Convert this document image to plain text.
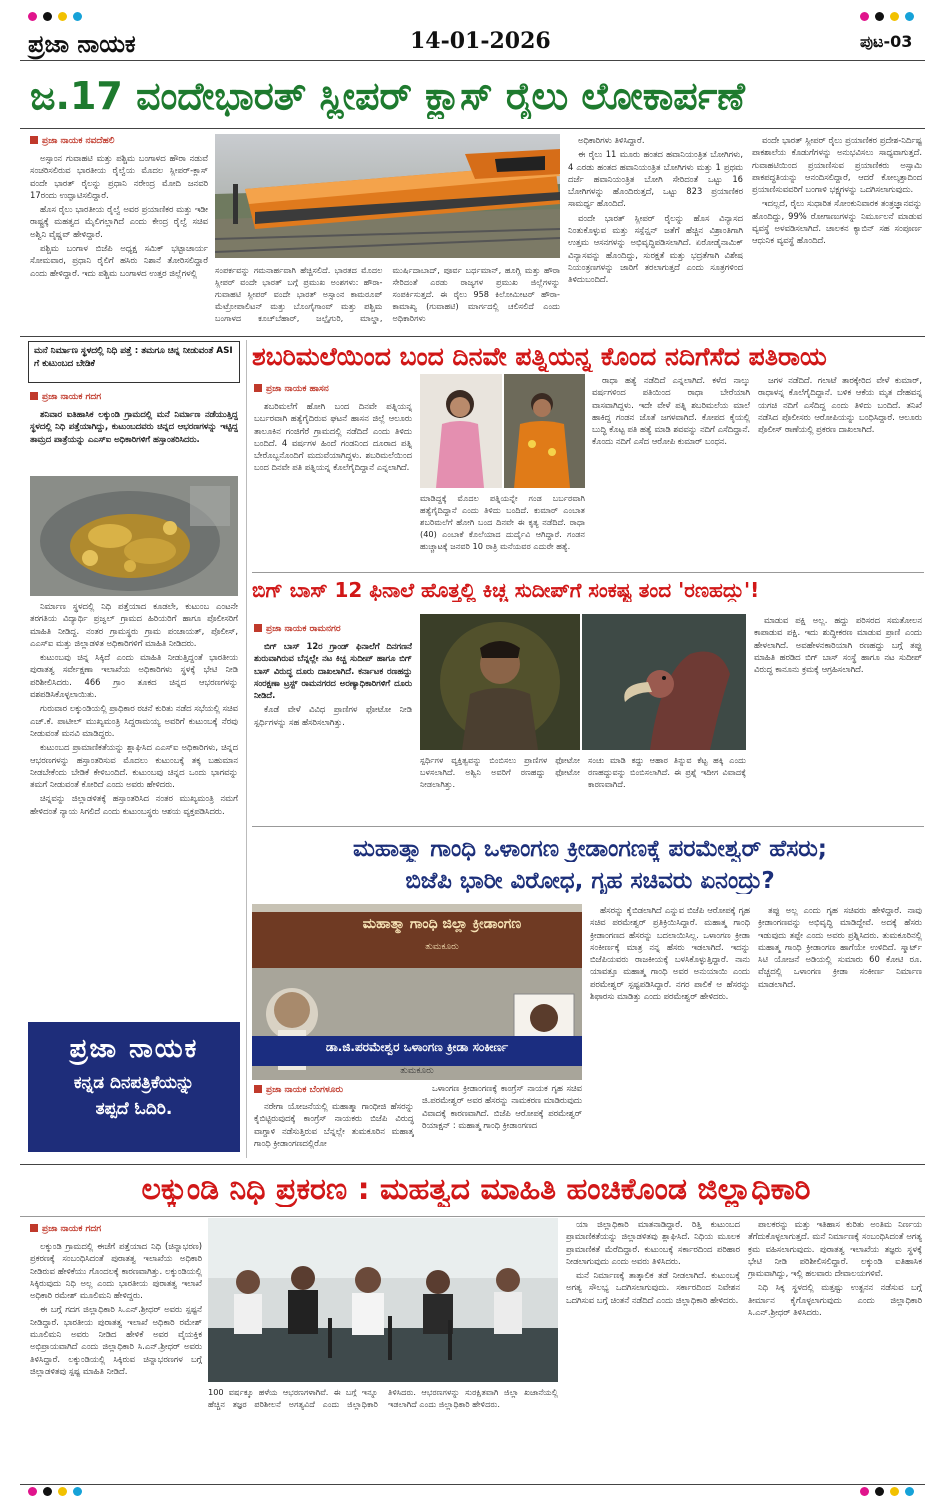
ಪ್ರಜಾ ನಾಯಕ	14-01-2026	ಪುಟ-03
ಜ.17 ವಂದೇಭಾರತ್ ಸ್ಲೀಪರ್ ಕ್ಲಾಸ್ ರೈಲು ಲೋಕಾರ್ಪಣೆ
ಪ್ರಜಾ ನಾಯಕ ನವದೆಹಲಿ

ಅಸ್ಸಾಂನ ಗುವಾಹಟಿ ಮತ್ತು ಪಶ್ಚಿಮ ಬಂಗಾಳದ ಹೌರಾ ನಡುವೆ ಸಂಚರಿಸಲಿರುವ ಭಾರತೀಯ ರೈಲ್ವೆಯ ಮೊದಲ ಸ್ಲೀಪರ್-ಕ್ಲಾಸ್ ವಂದೇ ಭಾರತ್ ರೈಲನ್ನು ಪ್ರಧಾನಿ ನರೇಂದ್ರ ಮೋದಿ ಜನವರಿ 17ರಂದು ಉದ್ಘಾಟಿಸಲಿದ್ದಾರೆ.

ಹೊಸ ರೈಲು ಭಾರತೀಯ ರೈಲ್ವೆ ಅವರ ಪ್ರಯಾಣಿಕರ ಮತ್ತು ಇಡೀ ರಾಷ್ಟ್ರಕ್ಕೆ ಮಹತ್ವದ ಮೈಲಿಗಲ್ಲಾಗಿದೆ ಎಂದು ಕೇಂದ್ರ ರೈಲ್ವೆ ಸಚಿವ ಅಶ್ವಿನಿ ವೈಷ್ಣವ್ ಹೇಳಿದ್ದಾರೆ.

ಪಶ್ಚಿಮ ಬಂಗಾಳ ಬಿಜೆಪಿ ಅಧ್ಯಕ್ಷ ಸಮಿಕ್ ಭಟ್ಟಾಚಾರ್ಯ ಸೋಮವಾರ, ಪ್ರಧಾನಿ ರೈಲಿಗೆ ಹಸಿರು ನಿಶಾನೆ ತೋರಿಸಲಿದ್ದಾರೆ ಎಂದು ಹೇಳಿದ್ದಾರೆ. ಇದು ಪಶ್ಚಿಮ ಬಂಗಾಳದ ಉತ್ತರ ಜಿಲ್ಲೆಗಳಲ್ಲಿ	ಸಂಪರ್ಕವನ್ನು ಗಮನಾರ್ಹವಾಗಿ ಹೆಚ್ಚಿಸಲಿದೆ. ಭಾರತದ ಮೊದಲ ಸ್ಲೀಪರ್ ವಂದೇ ಭಾರತ್ ಬಗ್ಗೆ ಪ್ರಮುಖ ಅಂಶಗಳು: ಹೌರಾ-ಗುವಾಹಟಿ ಸ್ಲೀಪರ್ ವಂದೇ ಭಾರತ್ ಅಸ್ಸಾಂನ ಕಾಮರೂಪ್ ಮೆಟ್ರೋಪಾಲಿಟನ್ ಮತ್ತು ಬೊಂಗೈಗಾಂವ್ ಮತ್ತು ಪಶ್ಚಿಮ ಬಂಗಾಳದ ಕೂಚ್‌ಬೆಹಾರ್, ಜಲ್ಪೈಗುರಿ, ಮಾಲ್ಡಾ, ಮುರ್ಷಿದಾಬಾದ್, ಪೂರ್ವ ಬರ್ಧಮಾನ್, ಹೂಗ್ಲಿ ಮತ್ತು ಹೌರಾ ಸೇರಿದಂತೆ ಎರಡು ರಾಜ್ಯಗಳ ಪ್ರಮುಖ ಜಿಲ್ಲೆಗಳನ್ನು ಸಂಪರ್ಕಿಸುತ್ತದೆ. ಈ ರೈಲು 958 ಕಿಲೋಮೀಟರ್ ಹೌರಾ-ಕಾಮಾಖ್ಯ (ಗುವಾಹಟಿ) ಮಾರ್ಗದಲ್ಲಿ ಚಲಿಸಲಿದೆ ಎಂದು ಅಧಿಕಾರಿಗಳು

ಅಧಿಕಾರಿಗಳು ತಿಳಿಸಿದ್ದಾರೆ.

ಈ ರೈಲು 11 ಮೂರು ಹಂತದ ಹವಾನಿಯಂತ್ರಿತ ಬೋಗಿಗಳು, 4 ಎರಡು ಹಂತದ ಹವಾನಿಯಂತ್ರಿತ ಬೋಗಿಗಳು ಮತ್ತು 1 ಪ್ರಥಮ ದರ್ಜೆ ಹವಾನಿಯಂತ್ರಿತ ಬೋಗಿ ಸೇರಿದಂತೆ ಒಟ್ಟು 16 ಬೋಗಿಗಳನ್ನು ಹೊಂದಿರುತ್ತದೆ, ಒಟ್ಟು 823 ಪ್ರಯಾಣಿಕರ ಸಾಮರ್ಥ್ಯ ಹೊಂದಿದೆ.

ವಂದೇ ಭಾರತ್ ಸ್ಲೀಪರ್ ರೈಲನ್ನು ಹೊಸ ವಿನ್ಯಾಸದ ನಿಂತುಕೊಳ್ಳುವ ಮತ್ತು ಸಸ್ಪೆನ್ಷನ್ ಜತೆಗೆ ಹೆಚ್ಚಿನ ವಿಶ್ರಾಂತಿಗಾಗಿ ಉತ್ತಮ ಆಸನಗಳನ್ನು ಅಭಿವೃದ್ಧಿಪಡಿಸಲಾಗಿದೆ. ಏರೋಡೈನಾಮಿಕ್ ವಿನ್ಯಾಸವನ್ನು ಹೊಂದಿದ್ದು, ಸುರಕ್ಷತೆ ಮತ್ತು ಭದ್ರತೆಗಾಗಿ ವಿಶೇಷ ನಿಯಂತ್ರಣಗಳನ್ನು ಜಾರಿಗೆ ತರಲಾಗುತ್ತದೆ ಎಂದು ಸೂತ್ರಗಳಿಂದ ತಿಳಿದುಬಂದಿದೆ.

ವಂದೇ ಭಾರತ್ ಸ್ಲೀಪರ್ ರೈಲು ಪ್ರಯಾಣಿಕರ ಪ್ರದೇಶ-ನಿರ್ದಿಷ್ಟ ಪಾಕಶಾಲೆಯ ಕೊಡುಗೆಗಳನ್ನು ಅನುಭವಿಸಲು ಸಾಧ್ಯವಾಗುತ್ತದೆ. ಗುವಾಹಟಿಯಿಂದ ಪ್ರಯಾಣಿಸುವ ಪ್ರಯಾಣಿಕರು ಅಸ್ಸಾಮಿ ಪಾಕಪದ್ಧತಿಯನ್ನು ಆನಂದಿಸಲಿದ್ದಾರೆ, ಆದರೆ ಕೋಲ್ಕತ್ತಾದಿಂದ ಪ್ರಯಾಣಿಸುವವರಿಗೆ ಬಂಗಾಳಿ ಭಕ್ಷ್ಯಗಳನ್ನು ಒದಗಿಸಲಾಗುವುದು.

ಇದಲ್ಲದೆ, ರೈಲು ಸುಧಾರಿತ ಸೋಂಕುನಿವಾರಕ ತಂತ್ರಜ್ಞಾನವನ್ನು ಹೊಂದಿದ್ದು, 99% ರೋಗಾಣುಗಳನ್ನು ನಿರ್ಮೂಲನೆ ಮಾಡುವ ವ್ಯವಸ್ಥೆ ಅಳವಡಿಸಲಾಗಿದೆ. ಚಾಲಕನ ಕ್ಯಾಬಿನ್ ಸಹ ಸಂಪೂರ್ಣ ಆಧುನಿಕ ವ್ಯವಸ್ಥೆ ಹೊಂದಿದೆ.

ಮನೆ ನಿರ್ಮಾಣ ಸ್ಥಳದಲ್ಲಿ ನಿಧಿ ಪತ್ತೆ : ತಮಗೂ ಚಿನ್ನ ನೀಡುವಂತೆ ASI ಗೆ ಕುಟುಂಬದ ಬೇಡಿಕೆ
ಪ್ರಜಾ ನಾಯಕ ಗದಗ

ಶನಿವಾರ ಐತಿಹಾಸಿಕ ಲಕ್ಕುಂಡಿ ಗ್ರಾಮದಲ್ಲಿ ಮನೆ ನಿರ್ಮಾಣ ನಡೆಯುತ್ತಿದ್ದ ಸ್ಥಳದಲ್ಲಿ ನಿಧಿ ಪತ್ತೆಯಾಗಿದ್ದು, ಕುಟುಂಬದವರು ಚಿನ್ನದ ಆಭರಣಗಳನ್ನು ಇಟ್ಟಿದ್ದ ತಾಮ್ರದ ಪಾತ್ರೆಯನ್ನು ಎಎಸ್ಐ ಅಧಿಕಾರಿಗಳಿಗೆ ಹಸ್ತಾಂತರಿಸಿದರು.

ನಿರ್ಮಾಣ ಸ್ಥಳದಲ್ಲಿ ನಿಧಿ ಪತ್ತೆಯಾದ ಕೂಡಲೇ, ಕುಟುಂಬ ಎಂಟನೇ ತರಗತಿಯ ವಿದ್ಯಾರ್ಥಿ ಪ್ರಜ್ವಲ್ ಗ್ರಾಮದ ಹಿರಿಯರಿಗೆ ಹಾಗೂ ಪೊಲೀಸರಿಗೆ ಮಾಹಿತಿ ನೀಡಿದ್ದ. ನಂತರ ಗ್ರಾಮಸ್ಥರು ಗ್ರಾಮ ಪಂಚಾಯತ್, ಪೊಲೀಸ್, ಎಎಸ್ಐ ಮತ್ತು ಜಿಲ್ಲಾಡಳಿತ ಅಧಿಕಾರಿಗಳಿಗೆ ಮಾಹಿತಿ ನೀಡಿದರು.

ಕುಟುಂಬವು ಚಿನ್ನ ಸಿಕ್ಕಿದೆ ಎಂದು ಮಾಹಿತಿ ನೀಡುತ್ತಿದ್ದಂತೆ ಭಾರತೀಯ ಪುರಾತತ್ವ ಸರ್ವೇಕ್ಷಣಾ ಇಲಾಖೆಯ ಅಧಿಕಾರಿಗಳು ಸ್ಥಳಕ್ಕೆ ಭೇಟಿ ನೀಡಿ ಪರಿಶೀಲಿಸಿದರು. 466 ಗ್ರಾಂ ತೂಕದ ಚಿನ್ನದ ಆಭರಣಗಳನ್ನು ವಶಪಡಿಸಿಕೊಳ್ಳಲಾಯಿತು.

ಗುರುವಾರ ಲಕ್ಕುಂಡಿಯಲ್ಲಿ ಪ್ರಾಧಿಕಾರ ರಚನೆ ಕುರಿತು ನಡೆದ ಸಭೆಯಲ್ಲಿ ಸಚಿವ ಎಚ್.ಕೆ. ಪಾಟೀಲ್ ಮುಖ್ಯಮಂತ್ರಿ ಸಿದ್ದರಾಮಯ್ಯ ಅವರಿಗೆ ಕುಟುಂಬಕ್ಕೆ ನೆರವು ನೀಡುವಂತೆ ಮನವಿ ಮಾಡಿದ್ದರು.

ಕುಟುಂಬದ ಪ್ರಾಮಾಣಿಕತೆಯನ್ನು ಶ್ಲಾಘಿಸಿದ ಎಎಸ್ಐ ಅಧಿಕಾರಿಗಳು, ಚಿನ್ನದ ಆಭರಣಗಳನ್ನು ಹಸ್ತಾಂತರಿಸುವ ಮೊದಲು ಕುಟುಂಬಕ್ಕೆ ತಕ್ಕ ಬಹುಮಾನ ನೀಡಬೇಕೆಂದು ಬೇಡಿಕೆ ಕೇಳಿಬಂದಿದೆ. ಕುಟುಂಬವು ಚಿನ್ನದ ಒಂದು ಭಾಗವನ್ನು ತಮಗೆ ನೀಡುವಂತೆ ಕೋರಿದೆ ಎಂದು ಅವರು ಹೇಳಿದರು.

ಚಿನ್ನವನ್ನು ಜಿಲ್ಲಾಡಳಿತಕ್ಕೆ ಹಸ್ತಾಂತರಿಸಿದ ನಂತರ ಮುಖ್ಯಮಂತ್ರಿ ನಮಗೆ ಹೇಳಿದಂತೆ ನ್ಯಾಯ ಸಿಗಲಿದೆ ಎಂದು ಕುಟುಂಬಸ್ಥರು ಆಶಯ ವ್ಯಕ್ತಪಡಿಸಿದರು.

ಪ್ರಜಾ ನಾಯಕ
ಕನ್ನಡ ದಿನಪತ್ರಿಕೆಯನ್ನು
ತಪ್ಪದೆ ಓದಿರಿ.
ಶಬರಿಮಲೆಯಿಂದ ಬಂದ ದಿನವೇ ಪತ್ನಿಯನ್ನ ಕೊಂದ ನದಿಗೆಸೆದ ಪತಿರಾಯ
ಪ್ರಜಾ ನಾಯಕ ಹಾಸನ

ಶಬರಿಮಲೆಗೆ ಹೋಗಿ ಬಂದ ದಿನವೇ ಪತ್ನಿಯನ್ನ ಬರ್ಬರವಾಗಿ ಹತ್ಯೆಗೈದಿರುವ ಘಟನೆ ಹಾಸನ ಜಿಲ್ಲೆ ಆಲೂರು ತಾಲೂಕಿನ ಗಂಜಿಗೆರೆ ಗ್ರಾಮದಲ್ಲಿ ನಡೆದಿದೆ ಎಂದು ತಿಳಿದು ಬಂದಿದೆ. 4 ವರ್ಷಗಳ ಹಿಂದೆ ಗಂಡನಿಂದ ದೂರಾದ ಪತ್ನಿ ಬೇರೊಬ್ಬನೊಂದಿಗೆ ಮದುವೆಯಾಗಿದ್ದಳು. ಶಬರಿಮಲೆಯಿಂದ ಬಂದ ದಿನವೇ ಪತಿ ಪತ್ನಿಯನ್ನ ಕೊಲೆಗೈದಿದ್ದಾನೆ ಎನ್ನಲಾಗಿದೆ.

ಮಾಡಿದ್ದಕ್ಕೆ ಮೊದಲ ಪತ್ನಿಯನ್ನೇ ಗಂಡ ಬರ್ಬರವಾಗಿ ಹತ್ಯೆಗೈದಿದ್ದಾನೆ ಎಂದು ತಿಳಿದು ಬಂದಿದೆ. ಕುಮಾರ್ ಎಂಬಾತ ಶಬರಿಮಲೆಗೆ ಹೋಗಿ ಬಂದ ದಿನವೇ ಈ ಕೃತ್ಯ ನಡೆದಿದೆ. ರಾಧಾ (40) ಎಂಬಾಕೆ ಕೊಲೆಯಾದ ದುರ್ದೈವಿ ಆಗಿದ್ದಾರೆ. ಗಂಡನ ಹುಚ್ಚಾಟಕ್ಕೆ ಜನವರಿ 10 ರಾತ್ರಿ ಮನೆಯವರ ಎದುರೇ ಹತ್ಯೆ.

ರಾಧಾ ಹತ್ಯೆ ನಡೆದಿದೆ ಎನ್ನಲಾಗಿದೆ. ಕಳೆದ ನಾಲ್ಕು ವರ್ಷಗಳಿಂದ ಪತಿಯಿಂದ ರಾಧಾ ಬೇರೆಯಾಗಿ ವಾಸವಾಗಿದ್ದಳು. ಇದೇ ವೇಳೆ ಪತ್ನಿ ಶಬರಿಮಲೆಯ ಮಾಲೆ ಹಾಕಿದ್ದ ಗಂಡನ ಜೊತೆ ಜಗಳವಾಗಿದೆ. ಕೋಪದ ಕೈಯಲ್ಲಿ ಬುದ್ಧಿ ಕೊಟ್ಟ ಪತಿ ಹತ್ಯೆ ಮಾಡಿ ಶವವನ್ನು ನದಿಗೆ ಎಸೆದಿದ್ದಾನೆ. ಕೊಂದು ನದಿಗೆ ಎಸೆದ ಆರೋಪಿ ಕುಮಾರ್ ಬಂಧನ.

ಜಗಳ ನಡೆದಿದೆ. ಗಲಾಟೆ ತಾರಕ್ಕೇರಿದ ವೇಳೆ ಕುಮಾರ್, ರಾಧಾಳನ್ನ ಕೊಲೆಗೈದಿದ್ದಾನೆ. ಬಳಿಕ ಆಕೆಯ ಮೃತ ದೇಹವನ್ನ ಯಗಚಿ ನದಿಗೆ ಎಸೆದಿದ್ದ ಎಂದು ತಿಳಿದು ಬಂದಿದೆ. ತನಿಖೆ ನಡೆಸಿದ ಪೊಲೀಸರು ಆರೋಪಿಯನ್ನು ಬಂಧಿಸಿದ್ದಾರೆ. ಆಲೂರು ಪೊಲೀಸ್ ಠಾಣೆಯಲ್ಲಿ ಪ್ರಕರಣ ದಾಖಲಾಗಿದೆ.

ಬಿಗ್ ಬಾಸ್ 12 ಫಿನಾಲೆ ಹೊತ್ತಲ್ಲಿ ಕಿಚ್ಚ ಸುದೀಪ್‌ಗೆ ಸಂಕಷ್ಟ ತಂದ 'ರಣಹದ್ದು'!
ಪ್ರಜಾ ನಾಯಕ ರಾಮನಗರ

ಬಿಗ್ ಬಾಸ್ 12ರ ಗ್ರಾಂಡ್ ಫಿನಾಲೆಗೆ ದಿನಗಣನೆ ಶುರುವಾಗಿರುವ ಬೆನ್ನಲ್ಲೇ ನಟ ಕಿಚ್ಚ ಸುದೀಪ್ ಹಾಗೂ ಬಿಗ್ ಬಾಸ್ ವಿರುದ್ಧ ದೂರು ದಾಖಲಾಗಿದೆ. ಕರ್ನಾಟಕ ರಣಹದ್ದು ಸಂರಕ್ಷಣಾ ಟ್ರಸ್ಟ್ ರಾಮನಗರದ ಅರಣ್ಯಾಧಿಕಾರಿಗಳಿಗೆ ದೂರು ನೀಡಿದೆ.

ಕೊಡೆ ವೇಳೆ ವಿವಿಧ ಪ್ರಾಣಿಗಳ ಫೋಟೋ ನೀಡಿ ಸ್ಪರ್ಧಿಗಳನ್ನು ಸಹ ಹೆಸರಿಸಲಾಗಿತ್ತು.

ಸ್ಪರ್ಧಿಗಳ ವ್ಯಕ್ತಿತ್ವವನ್ನು ಬಿಂಬಿಸಲು ಪ್ರಾಣಿಗಳ ಫೋಟೋ ಬಳಸಲಾಗಿದೆ. ಅಶ್ವಿನಿ ಅವರಿಗೆ ರಣಹದ್ದು ಫೋಟೋ ನೀಡಲಾಗಿತ್ತು.
ಸಂಚು ಮಾಡಿ ಕದ್ದು ಆಹಾರ ತಿನ್ನುವ ಕೆಟ್ಟ ಹಕ್ಕಿ ಎಂದು ರಣಹದ್ದುವನ್ನು ಬಿಂಬಿಸಲಾಗಿದೆ. ಈ ಪ್ರಶ್ನೆ ಇದೀಗ ವಿವಾದಕ್ಕೆ ಕಾರಣವಾಗಿದೆ.

ಮಾಡುವ ಪಕ್ಷಿ ಅಲ್ಲ. ಹದ್ದು ಪರಿಸರದ ಸಮತೋಲನ ಕಾಪಾಡುವ ಪಕ್ಷಿ. ಇದು ಶುದ್ಧೀಕರಣ ಮಾಡುವ ಪ್ರಾಣಿ ಎಂದು ಹೇಳಲಾಗಿದೆ. ಅವಹೇಳನಕಾರಿಯಾಗಿ ರಣಹದ್ದು ಬಗ್ಗೆ ತಪ್ಪು ಮಾಹಿತಿ ಹರಡಿದ ಬಿಗ್ ಬಾಸ್ ಸಂಸ್ಥೆ ಹಾಗೂ ನಟ ಸುದೀಪ್ ವಿರುದ್ಧ ಕಾನೂನು ಕ್ರಮಕ್ಕೆ ಆಗ್ರಹಿಸಲಾಗಿದೆ.

ಮಹಾತ್ಮಾ ಗಾಂಧಿ ಒಳಾಂಗಣ ಕ್ರೀಡಾಂಗಣಕ್ಕೆ ಪರಮೇಶ್ವರ್ ಹೆಸರು;
ಬಿಜೆಪಿ ಭಾರೀ ವಿರೋಧ, ಗೃಹ ಸಚಿವರು ಏನಂದ್ರು?
ಮಹಾತ್ಮಾ ಗಾಂಧಿ ಜಿಲ್ಲಾ ಕ್ರೀಡಾಂಗಣ
ತುಮಕೂರು
ಡಾ.ಜಿ.ಪರಮೇಶ್ವರ ಒಳಾಂಗಣ ಕ್ರೀಡಾ ಸಂಕೀರ್ಣ
ತುಮಕೂರು
ಪ್ರಜಾ ನಾಯಕ ಬೆಂಗಳೂರು

ನರೇಗಾ ಯೋಜನೆಯಲ್ಲಿ ಮಹಾತ್ಮಾ ಗಾಂಧೀಜಿ ಹೆಸರನ್ನು ಕೈಬಿಟ್ಟಿರುವುದಕ್ಕೆ ಕಾಂಗ್ರೆಸ್ ನಾಯಕರು ಬಿಜೆಪಿ ವಿರುದ್ಧ ವಾಗ್ದಾಳಿ ನಡೆಸುತ್ತಿರುವ ಬೆನ್ನಲ್ಲೇ ತುಮಕೂರಿನ ಮಹಾತ್ಮ ಗಾಂಧಿ ಕ್ರೀಡಾಂಗಣದಲ್ಲಿರೋ

ಒಳಾಂಗಣ ಕ್ರೀಡಾಂಗಣಕ್ಕೆ ಕಾಂಗ್ರೆಸ್ ನಾಯಕ ಗೃಹ ಸಚಿವ ಜಿ.ಪರಮೇಶ್ವರ್ ಅವರ ಹೆಸರನ್ನು ನಾಮಕರಣ ಮಾಡಿರುವುದು ವಿವಾದಕ್ಕೆ ಕಾರಣವಾಗಿದೆ. ಬಿಜೆಪಿ ಆರೋಪಕ್ಕೆ ಪರಮೇಶ್ವರ್ ರಿಯಾಕ್ಷನ್ : ಮಹಾತ್ಮ ಗಾಂಧಿ ಕ್ರೀಡಾಂಗಣದ

ಹೆಸರನ್ನು ಕೈಬಿಡಲಾಗಿದೆ ಎನ್ನುವ ಬಿಜೆಪಿ ಆರೋಪಕ್ಕೆ ಗೃಹ ಸಚಿವ ಪರಮೇಶ್ವರ್ ಪ್ರತಿಕ್ರಿಯಿಸಿದ್ದಾರೆ. ಮಹಾತ್ಮ ಗಾಂಧಿ ಕ್ರೀಡಾಂಗಣದ ಹೆಸರನ್ನು ಬದಲಾಯಿಸಿಲ್ಲ. ಒಳಾಂಗಣ ಕ್ರೀಡಾ ಸಂಕೀರ್ಣಕ್ಕೆ ಮಾತ್ರ ನನ್ನ ಹೆಸರು ಇಡಲಾಗಿದೆ. ಇದನ್ನು ಬಿಜೆಪಿಯವರು ರಾಜಕೀಯಕ್ಕೆ ಬಳಸಿಕೊಳ್ಳುತ್ತಿದ್ದಾರೆ. ನಾನು ಯಾವತ್ತೂ ಮಹಾತ್ಮ ಗಾಂಧಿ ಅವರ ಅನುಯಾಯಿ ಎಂದು ಪರಮೇಶ್ವರ್ ಸ್ಪಷ್ಟಪಡಿಸಿದ್ದಾರೆ. ನಗರ ಪಾಲಿಕೆ ಆ ಹೆಸರನ್ನು ಶಿಫಾರಸು ಮಾಡಿತ್ತು ಎಂದು ಪರಮೇಶ್ವರ್ ಹೇಳಿದರು.

ತಪ್ಪು ಅಲ್ಲ ಎಂದು ಗೃಹ ಸಚಿವರು ಹೇಳಿದ್ದಾರೆ. ನಾವು ಕ್ರೀಡಾಂಗಣವನ್ನು ಅಭಿವೃದ್ಧಿ ಮಾಡಿದ್ದೇವೆ. ಅದಕ್ಕೆ ಹೆಸರು ಇಡುವುದು ತಪ್ಪೇ ಎಂದು ಅವರು ಪ್ರಶ್ನಿಸಿದರು. ತುಮಕೂರಿನಲ್ಲಿ ಮಹಾತ್ಮ ಗಾಂಧಿ ಕ್ರೀಡಾಂಗಣ ಹಾಗೆಯೇ ಉಳಿದಿದೆ. ಸ್ಮಾರ್ಟ್ ಸಿಟಿ ಯೋಜನೆ ಅಡಿಯಲ್ಲಿ ಸುಮಾರು 60 ಕೋಟಿ ರೂ. ವೆಚ್ಚದಲ್ಲಿ ಒಳಾಂಗಣ ಕ್ರೀಡಾ ಸಂಕೀರ್ಣ ನಿರ್ಮಾಣ ಮಾಡಲಾಗಿದೆ.

ಲಕ್ಕುಂಡಿ ನಿಧಿ ಪ್ರಕರಣ : ಮಹತ್ವದ ಮಾಹಿತಿ ಹಂಚಿಕೊಂಡ ಜಿಲ್ಲಾಧಿಕಾರಿ
ಪ್ರಜಾ ನಾಯಕ ಗದಗ

ಲಕ್ಕುಂಡಿ ಗ್ರಾಮದಲ್ಲಿ ಈಚೆಗೆ ಪತ್ತೆಯಾದ ನಿಧಿ (ಚಿನ್ನಾಭರಣ) ಪ್ರಕರಣಕ್ಕೆ ಸಂಬಂಧಿಸಿದಂತೆ ಪುರಾತತ್ವ ಇಲಾಖೆಯ ಅಧಿಕಾರಿ ನೀಡಿರುವ ಹೇಳಿಕೆಯು ಗೊಂದಲಕ್ಕೆ ಕಾರಣವಾಗಿತ್ತು. ಲಕ್ಕುಂಡಿಯಲ್ಲಿ ಸಿಕ್ಕಿರುವುದು ನಿಧಿ ಅಲ್ಲ ಎಂದು ಭಾರತೀಯ ಪುರಾತತ್ವ ಇಲಾಖೆ ಅಧಿಕಾರಿ ರಮೇಶ್ ಮೂಲಿಮನಿ ಹೇಳಿದ್ದರು.

ಈ ಬಗ್ಗೆ ಗದಗ ಜಿಲ್ಲಾಧಿಕಾರಿ ಸಿ.ಎನ್.ಶ್ರೀಧರ್ ಅವರು ಸ್ಪಷ್ಟನೆ ನೀಡಿದ್ದಾರೆ. ಭಾರತೀಯ ಪುರಾತತ್ವ ಇಲಾಖೆ ಅಧಿಕಾರಿ ರಮೇಶ್ ಮೂಲಿಮನಿ ಅವರು ನೀಡಿದ ಹೇಳಿಕೆ ಅವರ ವೈಯಕ್ತಿಕ ಅಭಿಪ್ರಾಯವಾಗಿದೆ ಎಂದು ಜಿಲ್ಲಾಧಿಕಾರಿ ಸಿ.ಎನ್.ಶ್ರೀಧರ್ ಅವರು ತಿಳಿಸಿದ್ದಾರೆ. ಲಕ್ಕುಂಡಿಯಲ್ಲಿ ಸಿಕ್ಕಿರುವ ಚಿನ್ನಾಭರಣಗಳ ಬಗ್ಗೆ ಜಿಲ್ಲಾಡಳಿತವು ಸ್ಪಷ್ಟ ಮಾಹಿತಿ ನೀಡಿದೆ.

100 ವರ್ಷಕ್ಕೂ ಹಳೆಯ ಆಭರಣಗಳಾಗಿವೆ. ಈ ಬಗ್ಗೆ ಇನ್ನೂ ಹೆಚ್ಚಿನ ತಜ್ಞರ ಪರಿಶೀಲನೆ ಅಗತ್ಯವಿದೆ ಎಂದು ಜಿಲ್ಲಾಧಿಕಾರಿ ತಿಳಿಸಿದರು. ಆಭರಣಗಳನ್ನು ಸುರಕ್ಷಿತವಾಗಿ ಜಿಲ್ಲಾ ಖಜಾನೆಯಲ್ಲಿ ಇಡಲಾಗಿದೆ ಎಂದು ಜಿಲ್ಲಾಧಿಕಾರಿ ಹೇಳಿದರು.

ಯಾ ಜಿಲ್ಲಾಧಿಕಾರಿ ಮಾತನಾಡಿದ್ದಾರೆ. ರಿತ್ತಿ ಕುಟುಂಬದ ಪ್ರಾಮಾಣಿಕತೆಯನ್ನು ಜಿಲ್ಲಾಡಳಿತವು ಶ್ಲಾಘಿಸಿದೆ. ನಿಧಿಯ ಮೂಲಕ ಪ್ರಾಮಾಣಿಕತೆ ಮೆರೆದಿದ್ದಾರೆ. ಕುಟುಂಬಕ್ಕೆ ಸರ್ಕಾರದಿಂದ ಪರಿಹಾರ ನೀಡಲಾಗುವುದು ಎಂದು ಅವರು ತಿಳಿಸಿದರು.

ಮನೆ ನಿರ್ಮಾಣಕ್ಕೆ ತಾತ್ಕಾಲಿಕ ತಡೆ ನೀಡಲಾಗಿದೆ. ಕುಟುಂಬಕ್ಕೆ ಅಗತ್ಯ ಸೌಲಭ್ಯ ಒದಗಿಸಲಾಗುವುದು. ಸರ್ಕಾರದಿಂದ ನಿವೇಶನ ಒದಗಿಸುವ ಬಗ್ಗೆ ಚಿಂತನೆ ನಡೆದಿದೆ ಎಂದು ಜಿಲ್ಲಾಧಿಕಾರಿ ಹೇಳಿದರು.

ಪಾಲಕರನ್ನು ಮತ್ತು ಇತಿಹಾಸ ಕುರಿತು ಅಂತಿಮ ನಿರ್ಣಯ ತೆಗೆದುಕೊಳ್ಳಲಾಗುತ್ತದೆ. ಮನೆ ನಿರ್ಮಾಣಕ್ಕೆ ಸಂಬಂಧಿಸಿದಂತೆ ಅಗತ್ಯ ಕ್ರಮ ವಹಿಸಲಾಗುವುದು. ಪುರಾತತ್ವ ಇಲಾಖೆಯ ತಜ್ಞರು ಸ್ಥಳಕ್ಕೆ ಭೇಟಿ ನೀಡಿ ಪರಿಶೀಲಿಸಲಿದ್ದಾರೆ. ಲಕ್ಕುಂಡಿ ಐತಿಹಾಸಿಕ ಗ್ರಾಮವಾಗಿದ್ದು, ಇಲ್ಲಿ ಹಲವಾರು ದೇವಾಲಯಗಳಿವೆ.

ನಿಧಿ ಸಿಕ್ಕ ಸ್ಥಳದಲ್ಲಿ ಮತ್ತಷ್ಟು ಉತ್ಖನನ ನಡೆಸುವ ಬಗ್ಗೆ ತೀರ್ಮಾನ ಕೈಗೊಳ್ಳಲಾಗುವುದು ಎಂದು ಜಿಲ್ಲಾಧಿಕಾರಿ ಸಿ.ಎನ್.ಶ್ರೀಧರ್ ತಿಳಿಸಿದರು.
